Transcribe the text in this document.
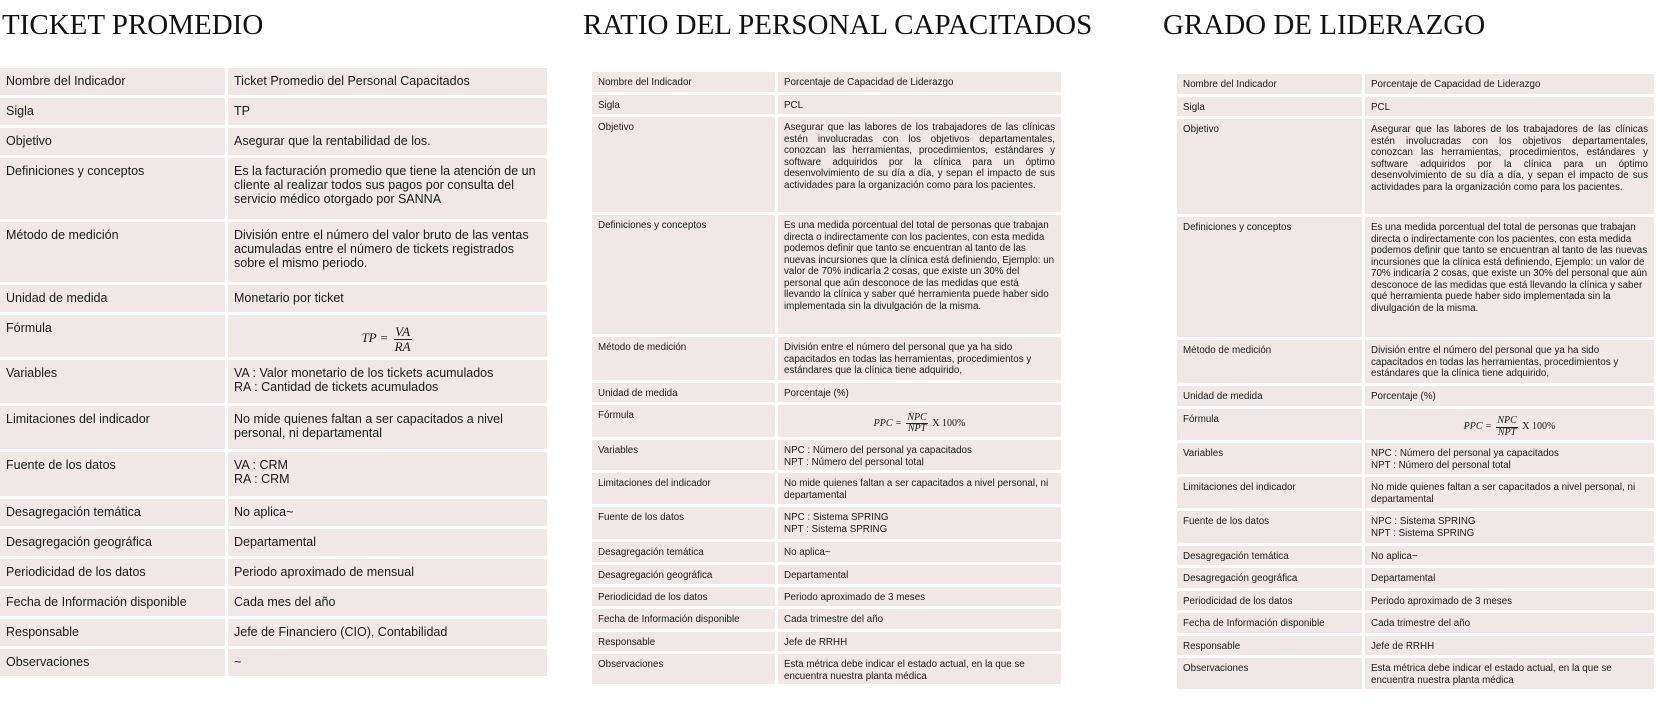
TICKET PROMEDIO	RATIO DEL PERSONAL CAPACITADOS GRADO DE LIDERAZGO
Nombre del Indicador	Ticket Promedio del Personal Capacitados
Sigla	TP
Objetivo	Asegurar que la rentabilidad de los.
Definiciones y conceptos	Es la facturación promedio que tiene la atención de un cliente al realizar todos sus pagos por consulta del servicio médico otorgado por SANNA
Método de medición	División entre el número del valor bruto de las ventas acumuladas entre el número de tickets registrados sobre el mismo periodo.
Unidad de medida	Monetario por ticket
Fórmula	TP = $\frac{VA}{RA}$

Variables	VA : Valor monetario de los tickets acumulados
RA : Cantidad de tickets acumulados
Limitaciones del indicador	No mide quienes faltan a ser capacitados a nivel personal, ni departamental
Fuente de los datos	VA : CRM
RA : CRM
Desagregación temática	No aplica~
Desagregación geográfica	Departamental
Periodicidad de los datos	Periodo aproximado de mensual
Fecha de Información disponible	Cada mes del año
Responsable	Jefe de Financiero (CIO), Contabilidad
Observaciones	~
Nombre del Indicador	Porcentaje de Capacidad de Liderazgo
Sigla	PCL
Objetivo	Asegurar que las labores de los trabajadores de las clínicas estén involucradas con los objetivos departamentales, conozcan las herramientas, procedimientos, estándares y software adquiridos por la clínica para un óptimo desenvolvimiento de su día a día, y sepan el impacto de sus actividades para la organización como para los pacientes.
Definiciones y conceptos	Es una medida porcentual del total de personas que trabajan directa o indirectamente con los pacientes, con esta medida podemos definir que tanto se encuentran al tanto de las nuevas incursiones que la clínica está definiendo, Ejemplo: un valor de 70% indicaría 2 cosas, que existe un 30% del personal que aún desconoce de las medidas que está llevando la clínica y saber qué herramienta puede haber sido implementada sin la divulgación de la misma.
Método de medición	División entre el número del personal que ya ha sido capacitados en todas las herramientas, procedimientos y estándares que la clínica tiene adquirido,
Unidad de medida	Porcentaje (%)
Fórmula	PPC = $\frac{\text{NPC}}{\text{NPT}}$ X 100%
Variables	NPC : Número del personal ya capacitados
NPT : Número del personal total
Limitaciones del indicador	No mide quienes faltan a ser capacitados a nivel personal, ni departamental
Fuente de los datos	NPC : Sistema SPRING
NPT : Sistema SPRING
Desagregación temática	No aplica~
Desagregación geográfica	Departamental
Periodicidad de los datos	Periodo aproximado de 3 meses
Fecha de Información disponible	Cada trimestre del año
Responsable	Jefe de RRHH
Observaciones	Esta métrica debe indicar el estado actual, en la que se encuentra nuestra planta médica
Nombre del Indicador	Porcentaje de Capacidad de Liderazgo
Sigla	PCL
Objetivo	Asegurar que las labores de los trabajadores de las clínicas estén involucradas con los objetivos departamentales, conozcan las herramientas, procedimientos, estándares y software adquiridos por la clínica para un óptimo desenvolvimiento de su día a día, y sepan el impacto de sus actividades para la organización como para los pacientes.
Definiciones y conceptos	Es una medida porcentual del total de personas que trabajan directa o indirectamente con los pacientes, con esta medida podemos definir que tanto se encuentran al tanto de las nuevas incursiones que la clínica está definiendo, Ejemplo: un valor de 70% indicaría 2 cosas, que existe un 30% del personal que aún desconoce de las medidas que está llevando la clínica y saber qué herramienta puede haber sido implementada sin la divulgación de la misma.
Método de medición	División entre el número del personal que ya ha sido capacitados en todas las herramientas, procedimientos y estándares que la clínica tiene adquirido,
Unidad de medida	Porcentaje (%)
Fórmula	PPC = $\frac{\text{NPC}}{\text{NPT}}$ X 100%
Variables	NPC : Número del personal ya capacitados
NPT : Número del personal total
Limitaciones del indicador	No mide quienes faltan a ser capacitados a nivel personal, ni departamental
Fuente de los datos	NPC : Sistema SPRING
NPT : Sistema SPRING
Desagregación temática	No aplica~
Desagregación geográfica	Departamental
Periodicidad de los datos	Periodo aproximado de 3 meses
Fecha de Información disponible	Cada trimestre del año
Responsable	Jefe de RRHH
Observaciones	Esta métrica debe indicar el estado actual, en la que se encuentra nuestra planta médica
